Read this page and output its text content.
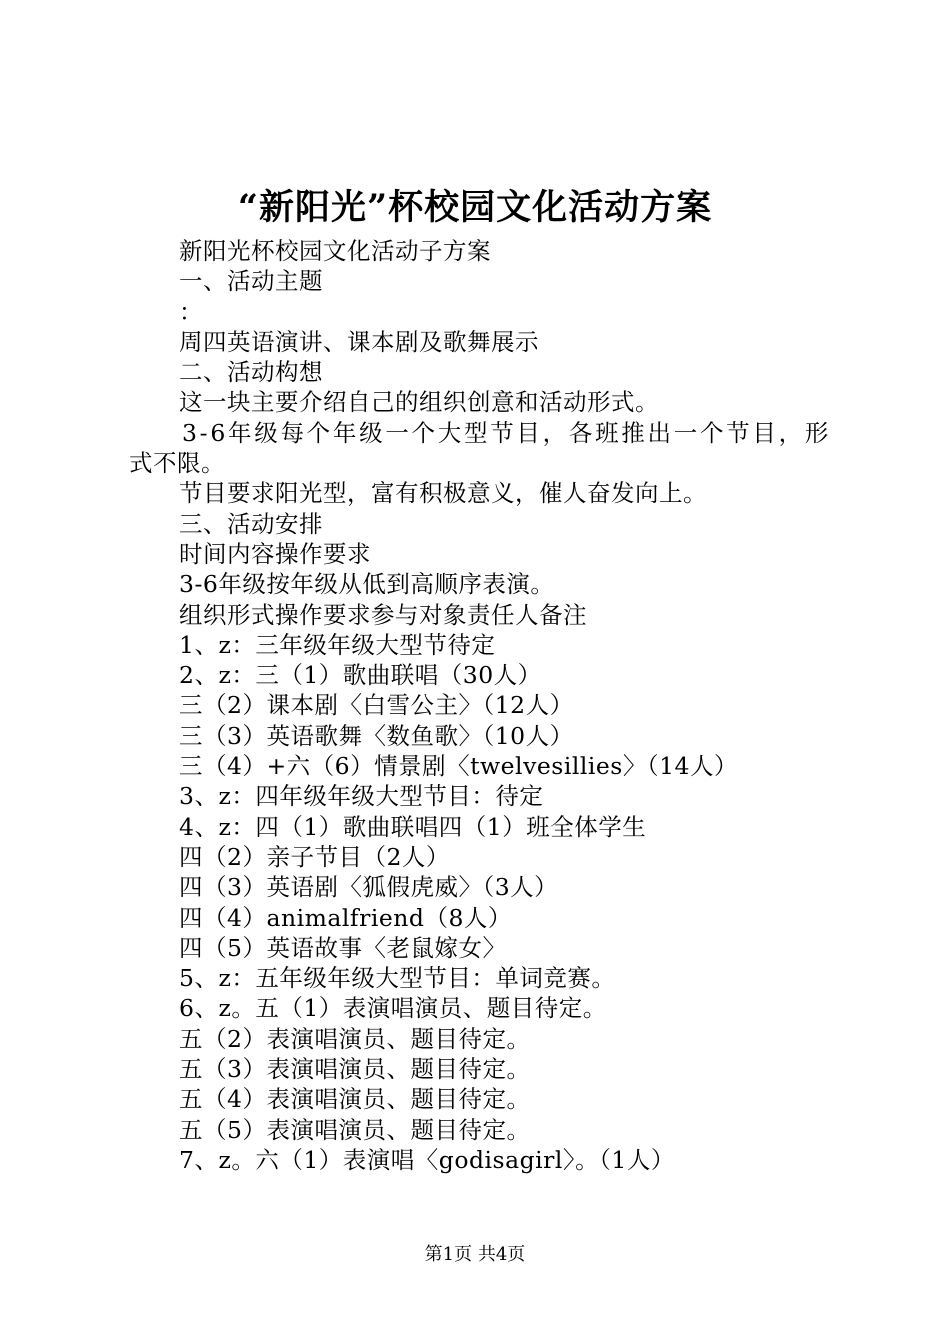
“新阳光”杯校园文化活动方案
新阳光杯校园文化活动子方案
一、活动主题
：
周四英语演讲、课本剧及歌舞展示
二、活动构想
这一块主要介绍自己的组织创意和活动形式。
3 - 6 年 级 每 个 年 级 一 个 大 型 节 目 ， 各 班 推 出 一 个 节 目 ， 形
式不限。
节目要求阳光型，富有积极意义，催人奋发向上。
三、活动安排
时间内容操作要求
3-6年级按年级从低到高顺序表演。
组织形式操作要求参与对象责任人备注
1、z：三年级年级大型节待定
2、z：三（1）歌曲联唱（30人）
三（2）课本剧〈白雪公主〉（12人）
三（3）英语歌舞〈数鱼歌〉（10人）
三（4）+六（6）情景剧〈twelvesillies〉（14人）
3、z：四年级年级大型节目：待定
4、z：四（1）歌曲联唱四（1）班全体学生
四（2）亲子节目（2人）
四（3）英语剧〈狐假虎威〉（3人）
四（4）animalfriend（8人）
四（5）英语故事〈老鼠嫁女〉
5、z：五年级年级大型节目：单词竞赛。
6、z。五（1）表演唱演员、题目待定。
五（2）表演唱演员、题目待定。
五（3）表演唱演员、题目待定。
五（4）表演唱演员、题目待定。
五（5）表演唱演员、题目待定。
7、z。六（1）表演唱〈godisagirl〉。（1人）
第1页 共4页
